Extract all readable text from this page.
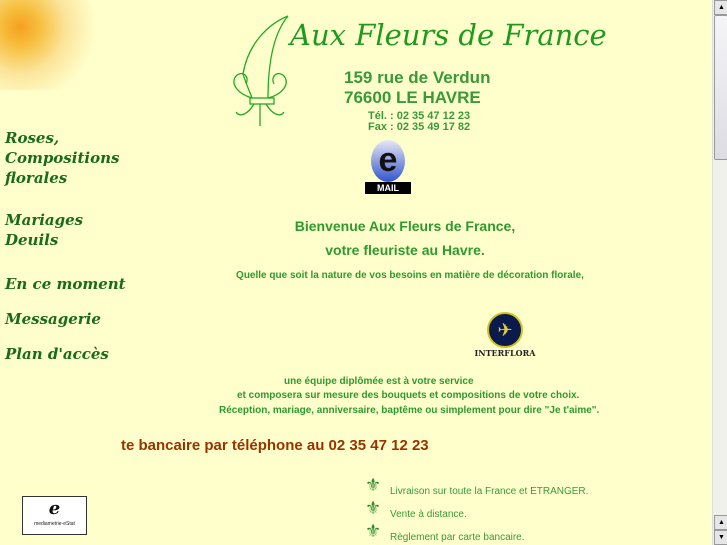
Roses,
Compositions
florales
Mariages
Deuils
En ce moment
Messagerie
Plan d'accès
Aux Fleurs de France
159 rue de Verdun
76600 LE HAVRE
Tél. : 02 35 47 12 23
Fax : 02 35 49 17 82
e
MAIL
Bienvenue Aux Fleurs de France,
votre fleuriste au Havre.
Quelle que soit la nature de vos besoins en matière de décoration florale,
✈
INTERFLORA
une équipe diplômée est à votre service
et composera sur mesure des bouquets et compositions de votre choix.
Réception, mariage, anniversaire, baptême ou simplement pour dire "Je t'aime".
te bancaire par téléphone au 02 35 47 12 23
⚜ Livraison sur toute la France et ETRANGER.
⚜ Vente à distance.
⚜ Règlement par carte bancaire.
e
mediametrie-eStat
▲
▲
▼
